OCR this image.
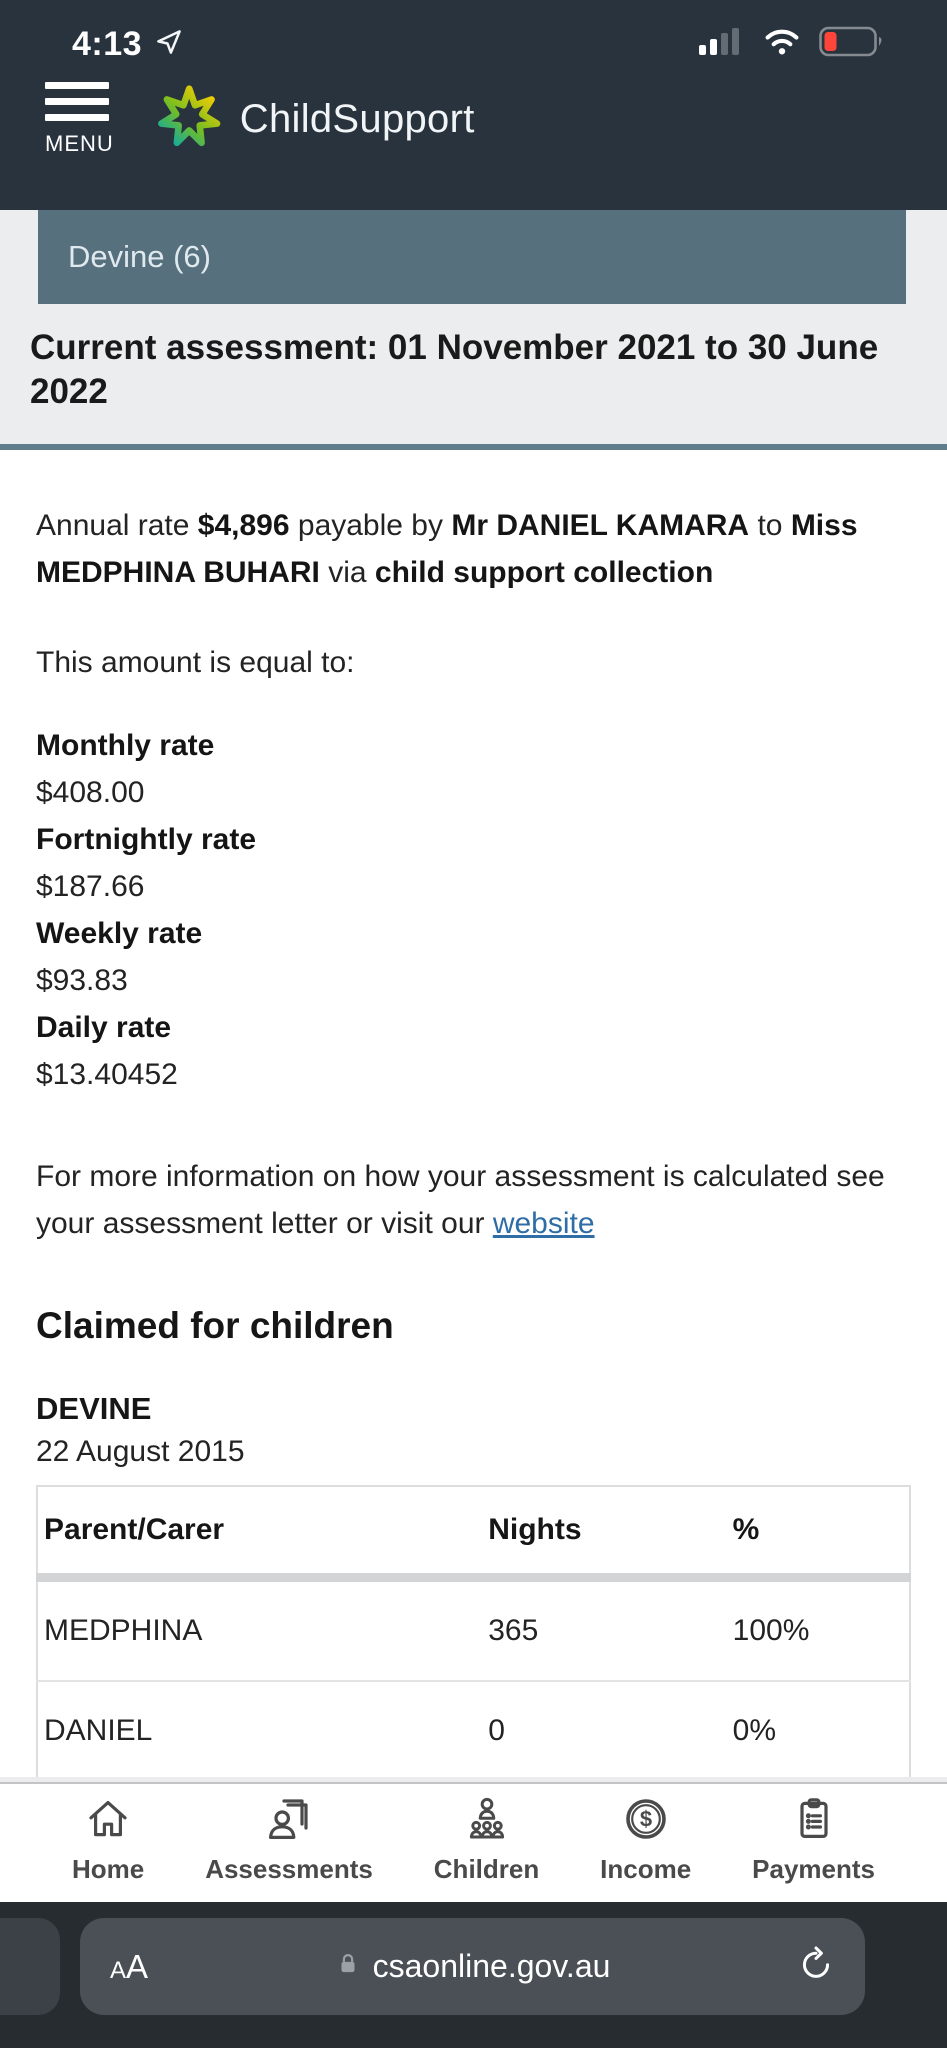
4:13
MENU
ChildSupport
Devine (6)
Current assessment: 01 November 2021 to 30 June 2022

Annual rate $4,896 payable by Mr DANIEL KAMARA to Miss MEDPHINA BUHARI via child support collection

This amount is equal to:

Monthly rate
$408.00
Fortnightly rate
$187.66
Weekly rate
$93.83
Daily rate
$13.40452

For more information on how your assessment is calculated see your assessment letter or visit our website

Claimed for children
DEVINE
22 August 2015
Parent/Carer	Nights	%
MEDPHINA	365	100%
DANIEL	0	0%
Home Assessments Children
$
Income Payments
A A	csaonline.gov.au
